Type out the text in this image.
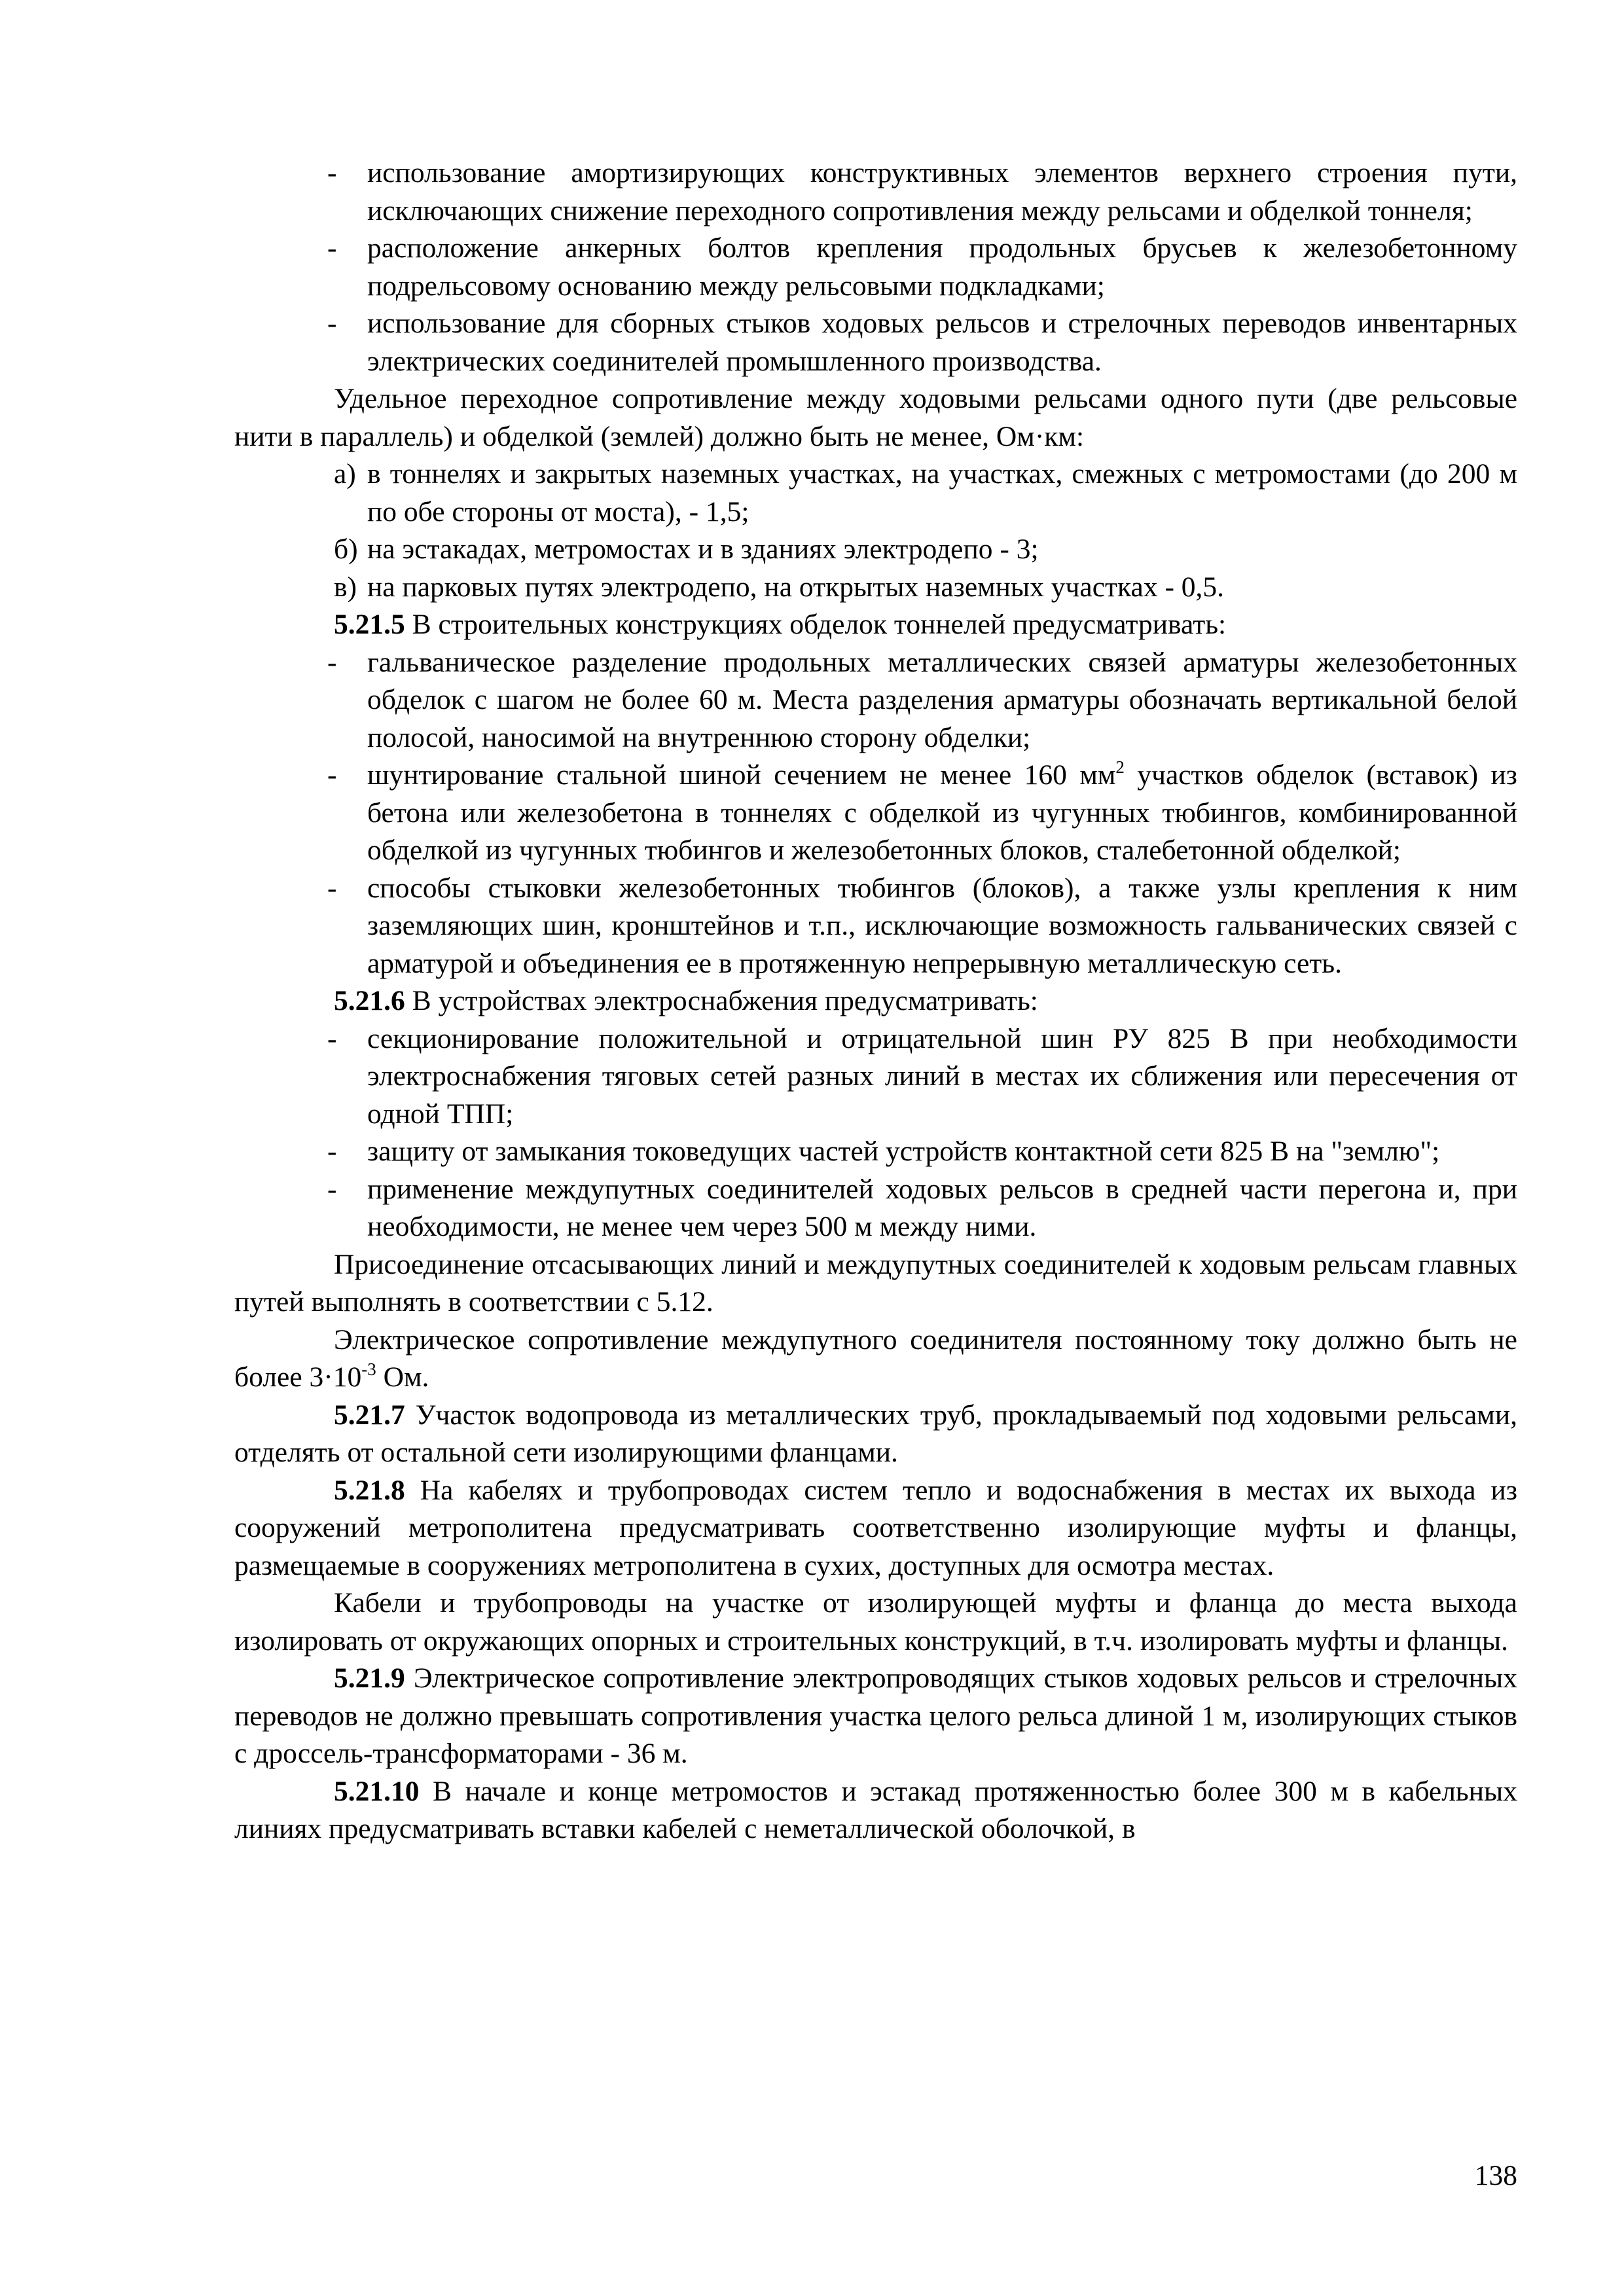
- использование амортизирующих конструктивных элементов верхнего строения пути, исключающих снижение переходного сопротивления между рельсами и обделкой тоннеля;

- расположение анкерных болтов крепления продольных брусьев к железобетонному подрельсовому основанию между рельсовыми подкладками;

- использование для сборных стыков ходовых рельсов и стрелочных переводов инвентарных электрических соединителей промышленного производства.

Удельное переходное сопротивление между ходовыми рельсами одного пути (две рельсовые нити в параллель) и обделкой (землей) должно быть не менее, Ом·км:

а) в тоннелях и закрытых наземных участках, на участках, смежных с метромостами (до 200 м по обе стороны от моста), - 1,5;

б) на эстакадах, метромостах и в зданиях электродепо - 3;

в) на парковых путях электродепо, на открытых наземных участках - 0,5.

5.21.5 В строительных конструкциях обделок тоннелей предусматривать:

- гальваническое разделение продольных металлических связей арматуры железобетонных обделок с шагом не более 60 м. Места разделения арматуры обозначать вертикальной белой полосой, наносимой на внутреннюю сторону обделки;

- шунтирование стальной шиной сечением не менее 160 $мм^2$ участков обделок (вставок) из бетона или железобетона в тоннелях с обделкой из чугунных тюбингов, комбинированной обделкой из чугунных тюбингов и железобетонных блоков, сталебетонной обделкой;

- способы стыковки железобетонных тюбингов (блоков), а также узлы крепления к ним заземляющих шин, кронштейнов и т.п., исключающие возможность гальванических связей с арматурой и объединения ее в протяженную непрерывную металлическую сеть.

5.21.6 В устройствах электроснабжения предусматривать:

- секционирование положительной и отрицательной шин РУ 825 В при необходимости электроснабжения тяговых сетей разных линий в местах их сближения или пересечения от одной ТПП;

- защиту от замыкания токоведущих частей устройств контактной сети 825 В на "землю";

- применение междупутных соединителей ходовых рельсов в средней части перегона и, при необходимости, не менее чем через 500 м между ними.

Присоединение отсасывающих линий и междупутных соединителей к ходовым рельсам главных путей выполнять в соответствии с 5.12.

Электрическое сопротивление междупутного соединителя постоянному току должно быть не более $3\cdot 10^{-3}$ Ом.

5.21.7 Участок водопровода из металлических труб, прокладываемый под ходовыми рельсами, отделять от остальной сети изолирующими фланцами.

5.21.8 На кабелях и трубопроводах систем тепло и водоснабжения в местах их выхода из сооружений метрополитена предусматривать соответственно изолирующие муфты и фланцы, размещаемые в сооружениях метрополитена в сухих, доступных для осмотра местах.

Кабели и трубопроводы на участке от изолирующей муфты и фланца до места выхода изолировать от окружающих опорных и строительных конструкций, в т.ч. изолировать муфты и фланцы.

5.21.9 Электрическое сопротивление электропроводящих стыков ходовых рельсов и стрелочных переводов не должно превышать сопротивления участка целого рельса длиной 1 м, изолирующих стыков с дроссель-трансформаторами - 36 м.

5.21.10 В начале и конце метромостов и эстакад протяженностью более 300 м в кабельных линиях предусматривать вставки кабелей с неметаллической оболочкой, в

138
